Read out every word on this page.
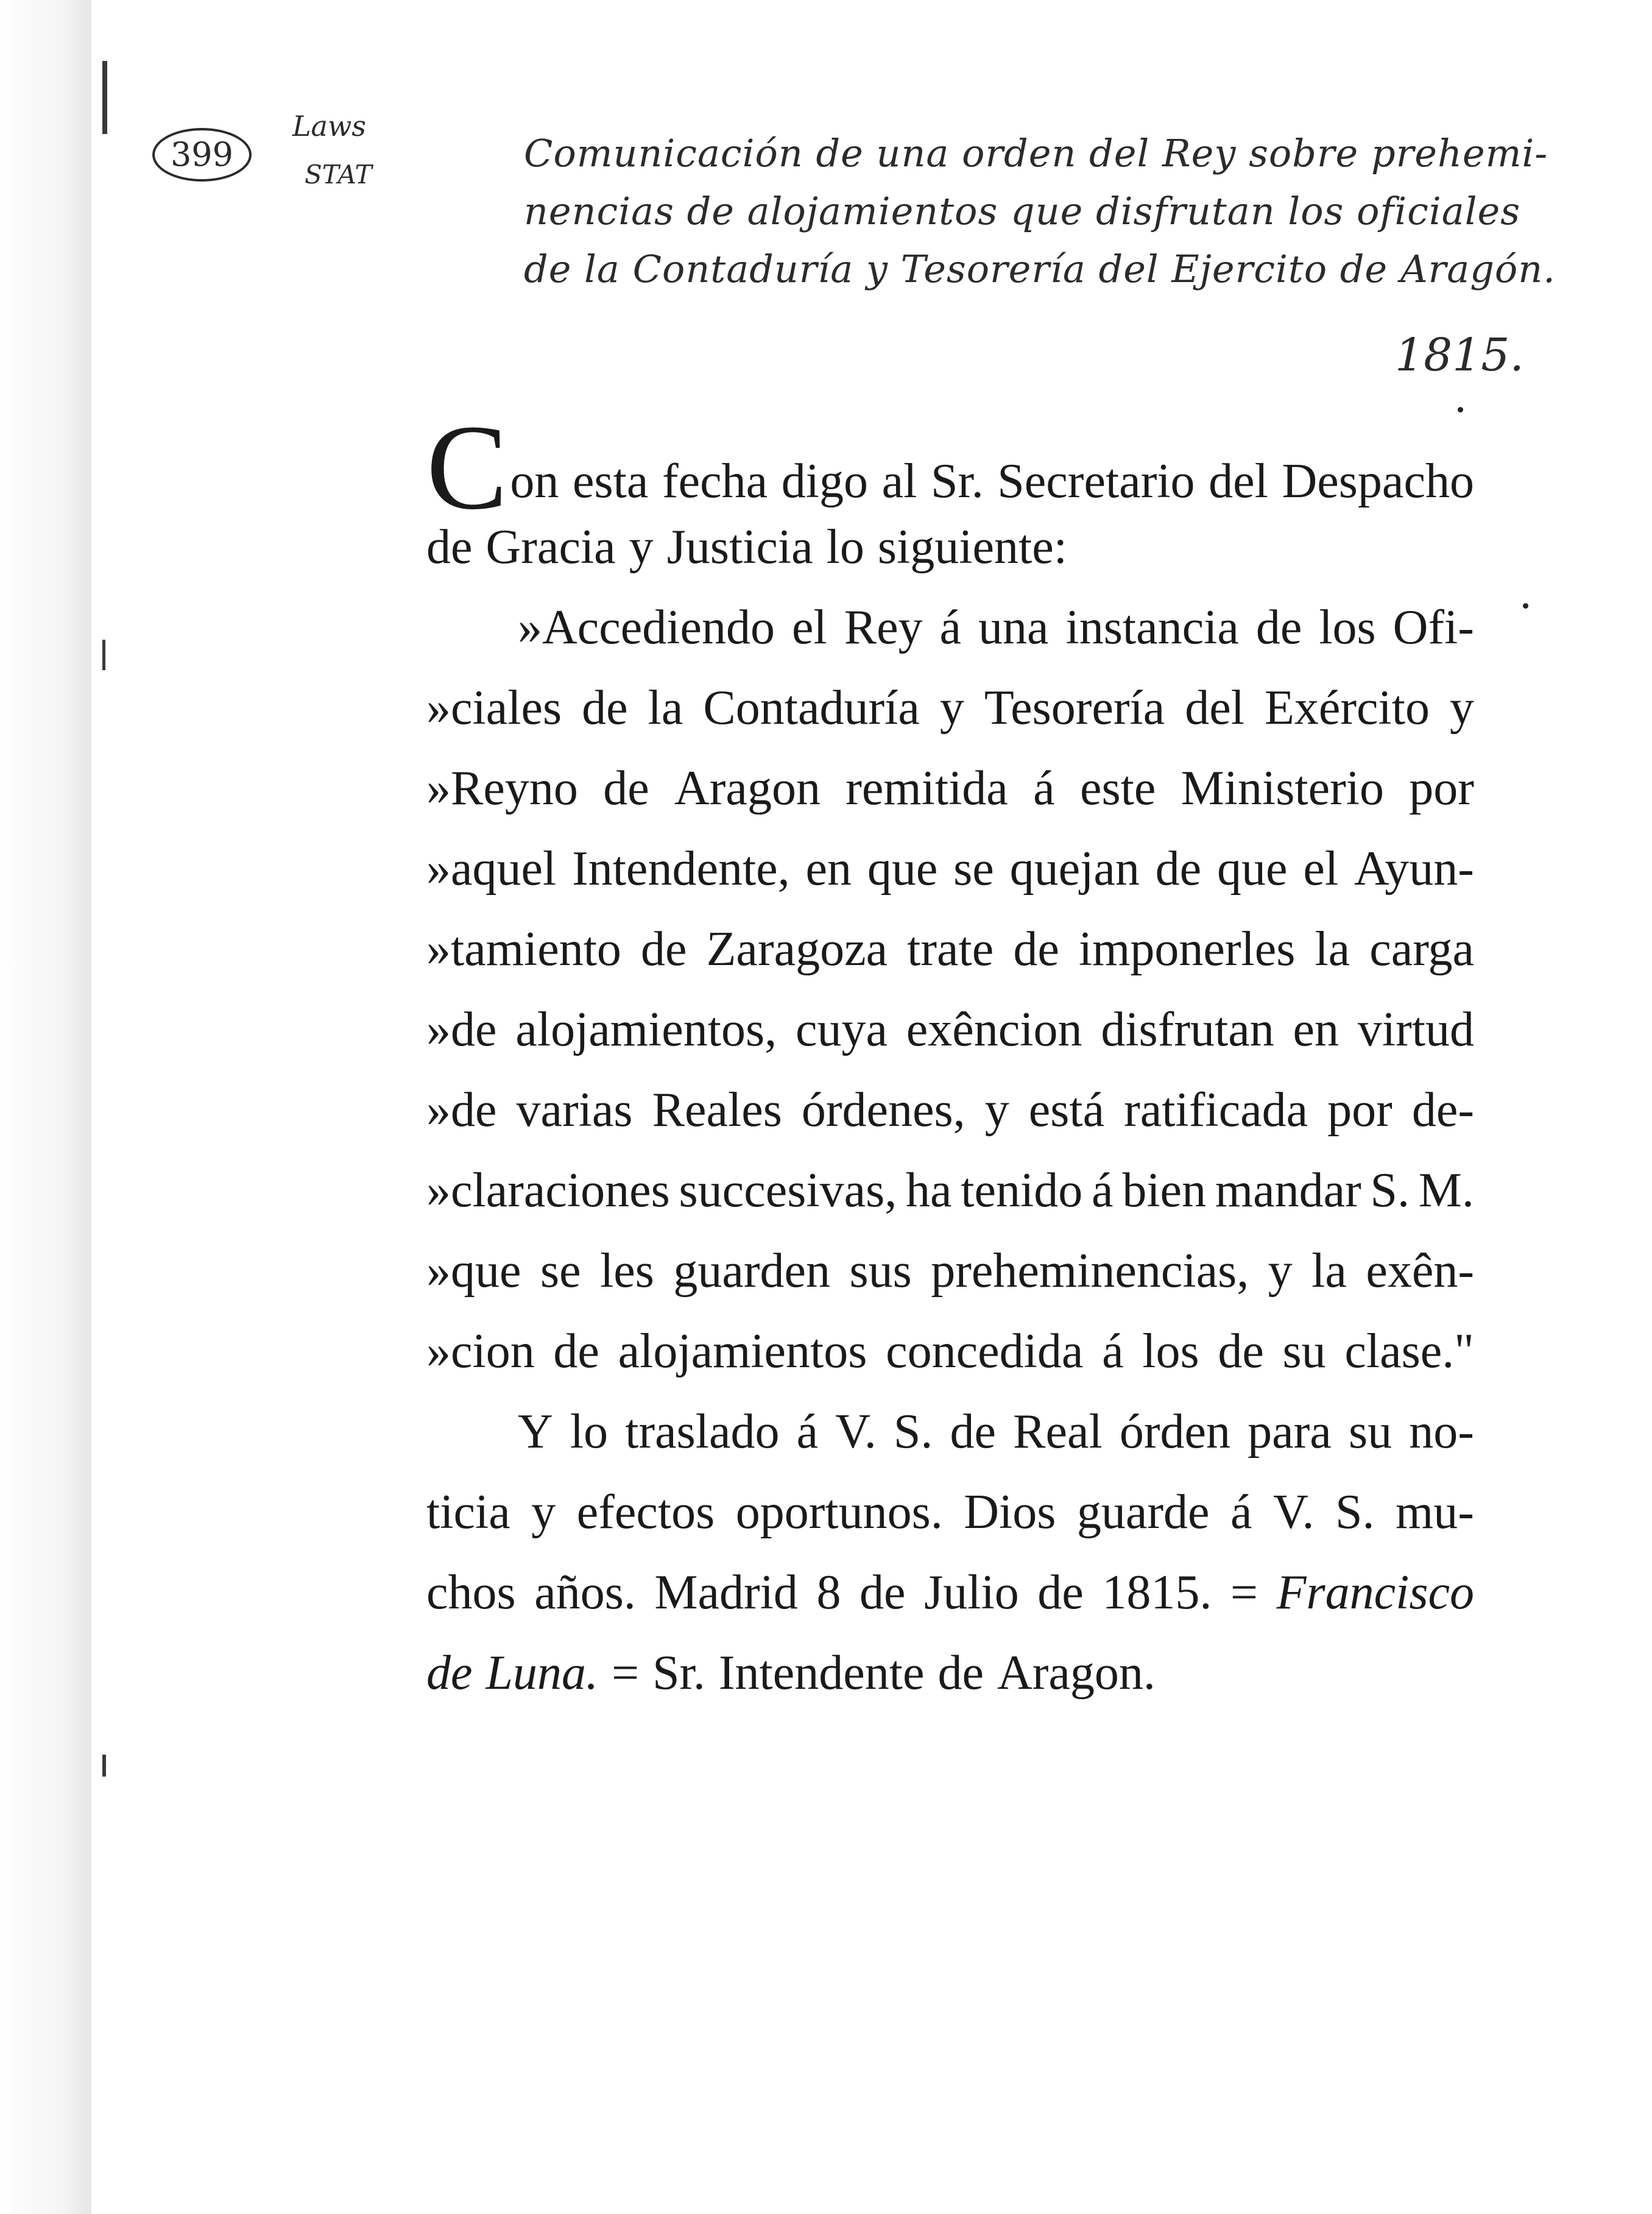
399
Laws
STAT	Comunicación de una orden del Rey sobre prehemi-
nencias de alojamientos que disfrutan los oficiales
de la Contaduría y Tesorería del Ejercito de Aragón.
1815.
Con esta fecha digo al Sr. Secretario del Despacho
de Gracia y Justicia lo siguiente:
»Accediendo el Rey á una instancia de los Ofi-
»ciales de la Contaduría y Tesorería del Exército y
»Reyno de Aragon remitida á este Ministerio por
»aquel Intendente, en que se quejan de que el Ayun-
»tamiento de Zaragoza trate de imponerles la carga
»de alojamientos, cuya exêncion disfrutan en virtud
»de varias Reales órdenes, y está ratificada por de-
»claraciones succesivas, ha tenido á bien mandar S. M.
»que se les guarden sus preheminencias, y la exên-
»cion de alojamientos concedida á los de su clase."
Y lo traslado á V. S. de Real órden para su no-
ticia y efectos oportunos. Dios guarde á V. S. mu-
chos años. Madrid 8 de Julio de 1815. = Francisco
de Luna. = Sr. Intendente de Aragon.
